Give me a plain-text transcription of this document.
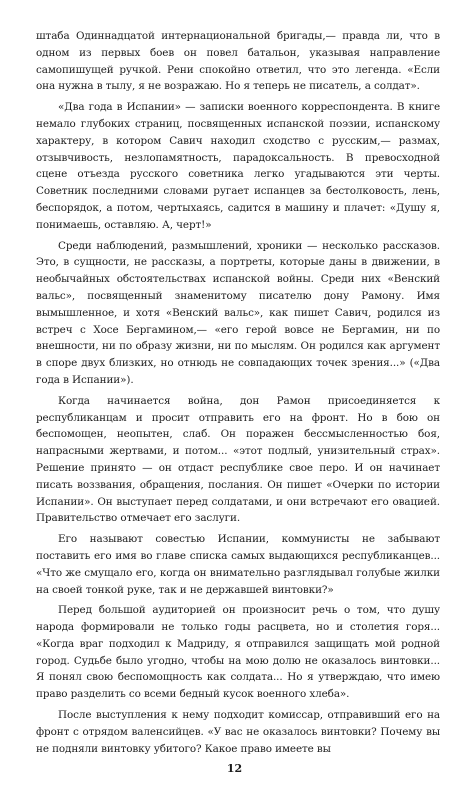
штаба Одиннадцатой интернациональной бригады,— правда ли, что в одном из первых боев он повел батальон, указывая направление самопишущей ручкой. Рени спокойно ответил, что это легенда. «Если она нужна в тылу, я не возражаю. Но я теперь не писатель, а солдат».

«Два года в Испании» — записки военного корреспондента. В книге немало глубоких страниц, посвященных испанской поэзии, испанскому характеру, в котором Савич находил сходство с русским,— размах, отзывчивость, незлопамятность, парадоксальность. В превосходной сцене отъезда русского советника легко угадываются эти черты. Советник последними словами ругает испанцев за бестолковость, лень, беспорядок, а потом, чертыхаясь, садится в машину и плачет: «Душу я, понимаешь, оставляю. А, черт!»

Среди наблюдений, размышлений, хроники — несколько рассказов. Это, в сущности, не рассказы, а портреты, которые даны в движении, в необычайных обстоятельствах испанской войны. Среди них «Венский вальс», посвященный знаменитому писателю дону Рамону. Имя вымышленное, и хотя «Венский вальс», как пишет Савич, родился из встреч с Хосе Бергамином,— «его герой вовсе не Бергамин, ни по внешности, ни по образу жизни, ни по мыслям. Он родился как аргумент в споре двух близких, но отнюдь не совпадающих точек зрения...» («Два года в Испании»).

Когда начинается война, дон Рамон присоединяется к республиканцам и просит отправить его на фронт. Но в бою он беспомощен, неопытен, слаб. Он поражен бессмысленностью боя, напрасными жертвами, и потом... «этот подлый, унизительный страх». Решение принято — он отдаст республике свое перо. И он начинает писать воззвания, обращения, послания. Он пишет «Очерки по истории Испании». Он выступает перед солдатами, и они встречают его овацией. Правительство отмечает его заслуги.

Его называют совестью Испании, коммунисты не забывают поставить его имя во главе списка самых выдающихся республиканцев... «Что же смущало его, когда он внимательно разглядывал голубые жилки на своей тонкой руке, так и не державшей винтовки?»

Перед большой аудиторией он произносит речь о том, что душу народа формировали не только годы расцвета, но и столетия горя... «Когда враг подходил к Мадриду, я отправился защищать мой родной город. Судьбе было угодно, чтобы на мою долю не оказалось винтовки... Я понял свою беспомощность как солдата... Но я утверждаю, что имею право разделить со всеми бедный кусок военного хлеба».

После выступления к нему подходит комиссар, отправивший его на фронт с отрядом валенсийцев. «У вас не оказалось винтовки? Почему вы не подняли винтовку убитого? Какое право имеете вы

12
